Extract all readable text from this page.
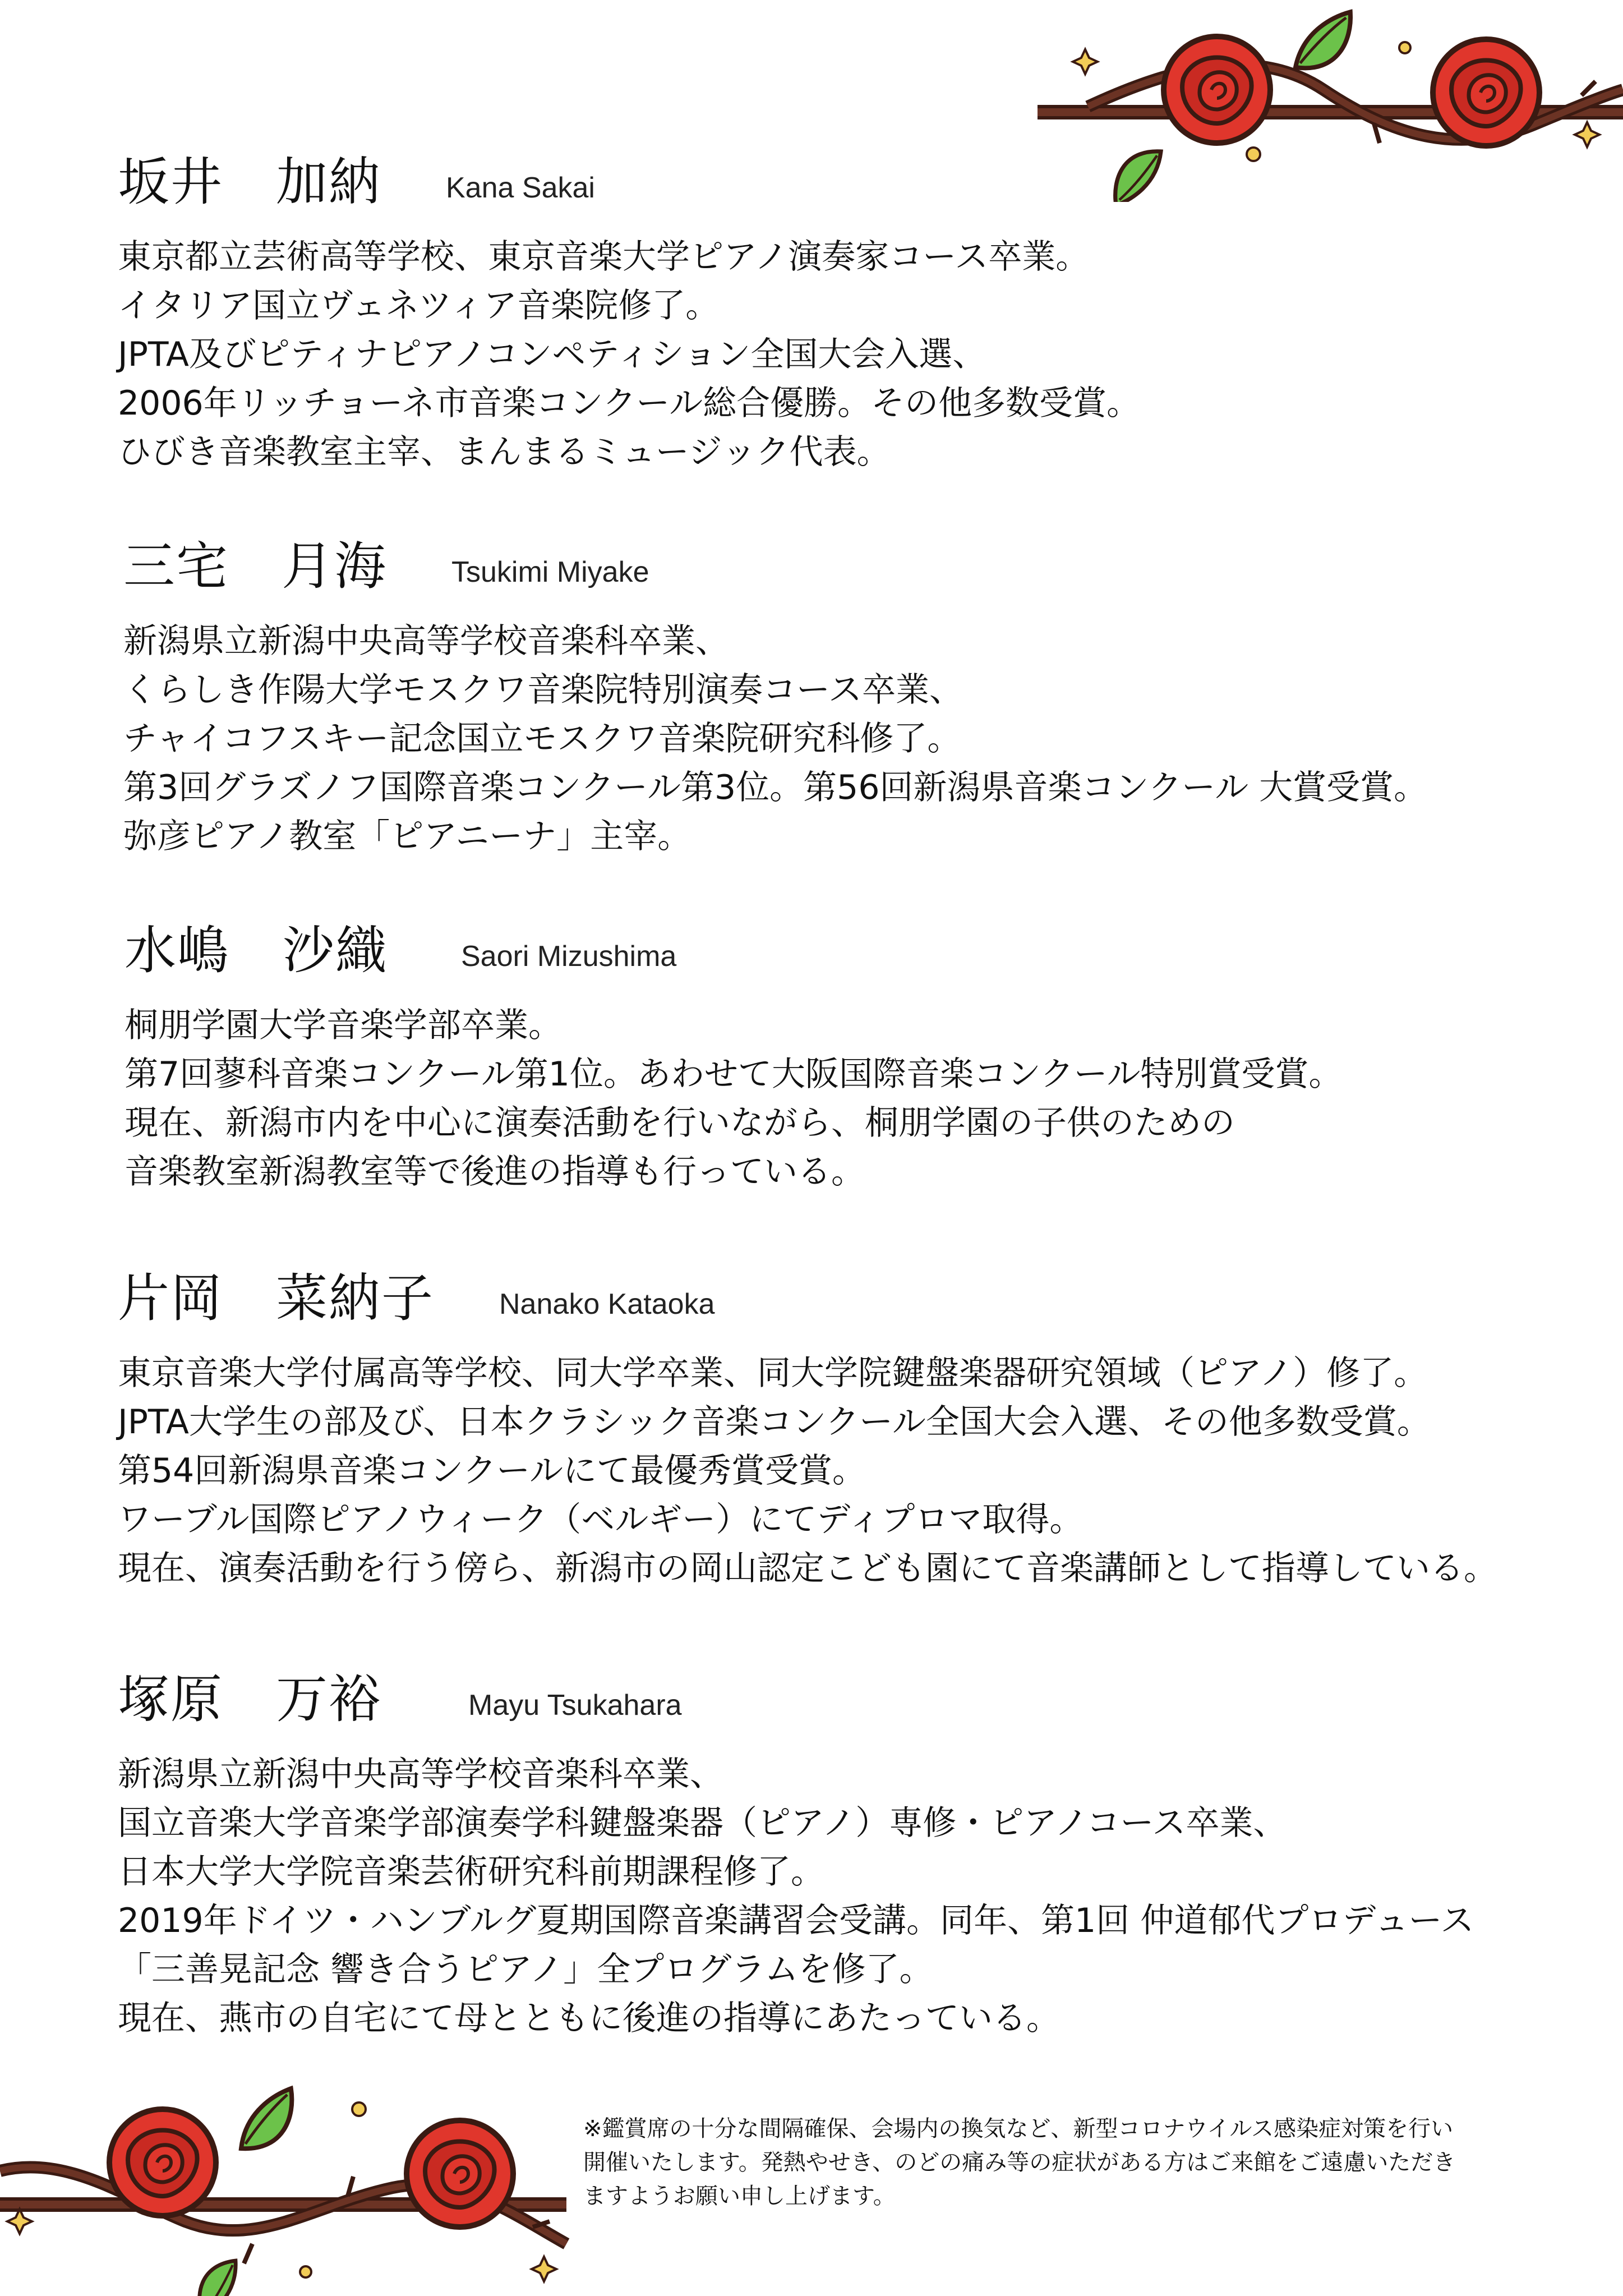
坂井　加納 Kana Sakai
東京都立芸術高等学校、東京音楽大学ピアノ演奏家コース卒業。
イタリア国立ヴェネツィア音楽院修了。
JPTA及びピティナピアノコンペティション全国大会入選、
2006年リッチョーネ市音楽コンクール総合優勝。その他多数受賞。
ひびき音楽教室主宰、まんまるミュージック代表。
三宅　月海 Tsukimi Miyake
新潟県立新潟中央高等学校音楽科卒業、
くらしき作陽大学モスクワ音楽院特別演奏コース卒業、
チャイコフスキー記念国立モスクワ音楽院研究科修了。
第3回グラズノフ国際音楽コンクール第3位。第56回新潟県音楽コンクール 大賞受賞。
弥彦ピアノ教室「ピアニーナ」主宰。
水嶋　沙織 Saori Mizushima
桐朋学園大学音楽学部卒業。
第7回蓼科音楽コンクール第1位。あわせて大阪国際音楽コンクール特別賞受賞。
現在、新潟市内を中心に演奏活動を行いながら、桐朋学園の子供のための
音楽教室新潟教室等で後進の指導も行っている。
片岡　菜納子 Nanako Kataoka
東京音楽大学付属高等学校、同大学卒業、同大学院鍵盤楽器研究領域（ピアノ）修了。
JPTA大学生の部及び、日本クラシック音楽コンクール全国大会入選、その他多数受賞。
第54回新潟県音楽コンクールにて最優秀賞受賞。
ワーブル国際ピアノウィーク（ベルギー）にてディプロマ取得。
現在、演奏活動を行う傍ら、新潟市の岡山認定こども園にて音楽講師として指導している。
塚原　万裕	Mayu Tsukahara
新潟県立新潟中央高等学校音楽科卒業、
国立音楽大学音楽学部演奏学科鍵盤楽器（ピアノ）専修・ピアノコース卒業、
日本大学大学院音楽芸術研究科前期課程修了。
2019年ドイツ・ハンブルグ夏期国際音楽講習会受講。同年、第1回 仲道郁代プロデュース
「三善晃記念 響き合うピアノ」全プログラムを修了。
現在、燕市の自宅にて母とともに後進の指導にあたっている。
※鑑賞席の十分な間隔確保、会場内の換気など、新型コロナウイルス感染症対策を行い
開催いたします。発熱やせき、のどの痛み等の症状がある方はご来館をご遠慮いただき
ますようお願い申し上げます。
